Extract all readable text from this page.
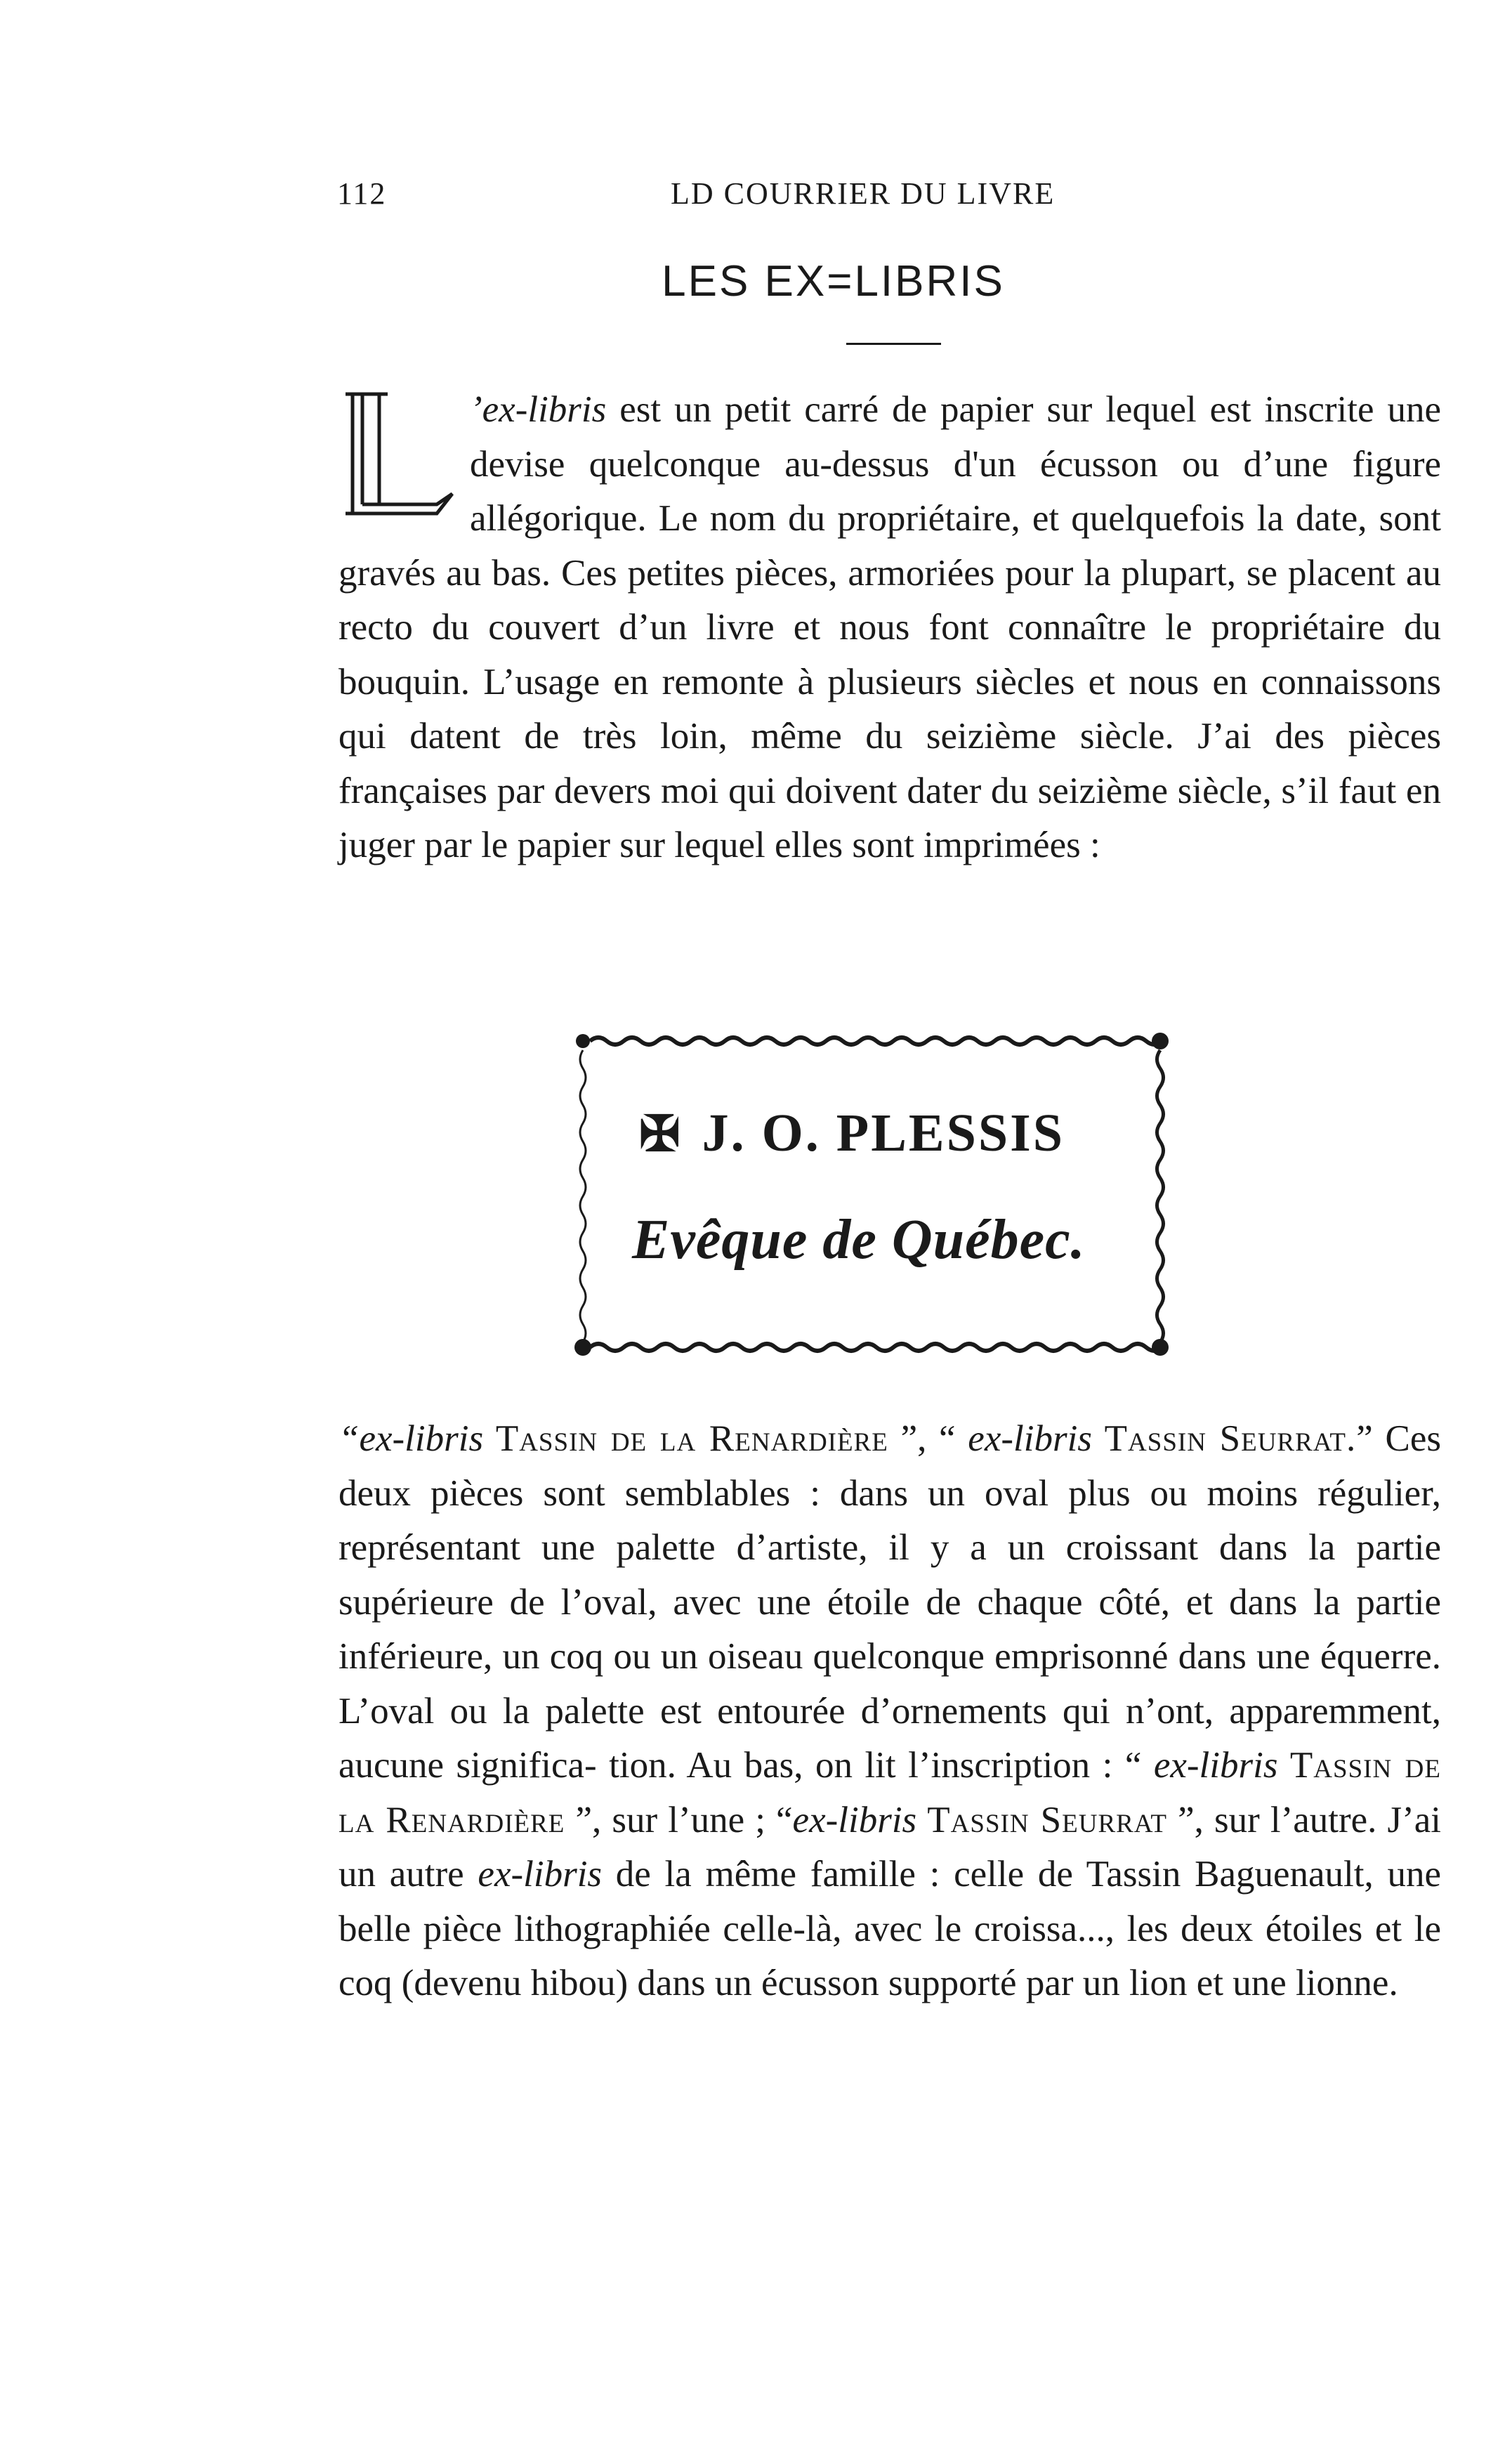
112	LD COURRIER DU LIVRE
LES EX=LIBRIS

’ex-libris est un petit carré de papier sur lequel est inscrite une devise quelconque au-dessus d'un écusson ou d’une figure allégorique. Le nom du propriétaire, et quelquefois la date, sont gravés au bas. Ces petites pièces, armoriées pour la plupart, se placent au recto du couvert d’un livre et nous font connaître le propriétaire du bouquin. L’usage en remonte à plusieurs siècles et nous en connaissons qui datent de très loin, même du seizième siècle. J’ai des pièces françaises par devers moi qui doivent dater du seizième siècle, s’il faut en juger par le papier sur lequel elles sont imprimées :

✠ J. O. PLESSIS
Evêque de Québec.

“ex-libris Tassin de la Renardière ”, “ ex-libris Tassin Seurrat.” Ces deux pièces sont semblables : dans un oval plus ou moins régulier, représentant une palette d’artiste, il y a un croissant dans la partie supérieure de l’oval, avec une étoile de chaque côté, et dans la partie inférieure, un coq ou un oiseau quelconque emprisonné dans une équerre. L’oval ou la palette est entourée d’ornements qui n’ont, apparemment, aucune significa- tion. Au bas, on lit l’inscription : “ ex-libris Tassin de la Renardière ”, sur l’une ; “ex-libris Tassin Seurrat ”, sur l’autre. J’ai un autre ex-libris de la même famille : celle de Tassin Baguenault, une belle pièce lithographiée celle-là, avec le croissa..., les deux étoiles et le coq (devenu hibou) dans un écusson supporté par un lion et une lionne.
